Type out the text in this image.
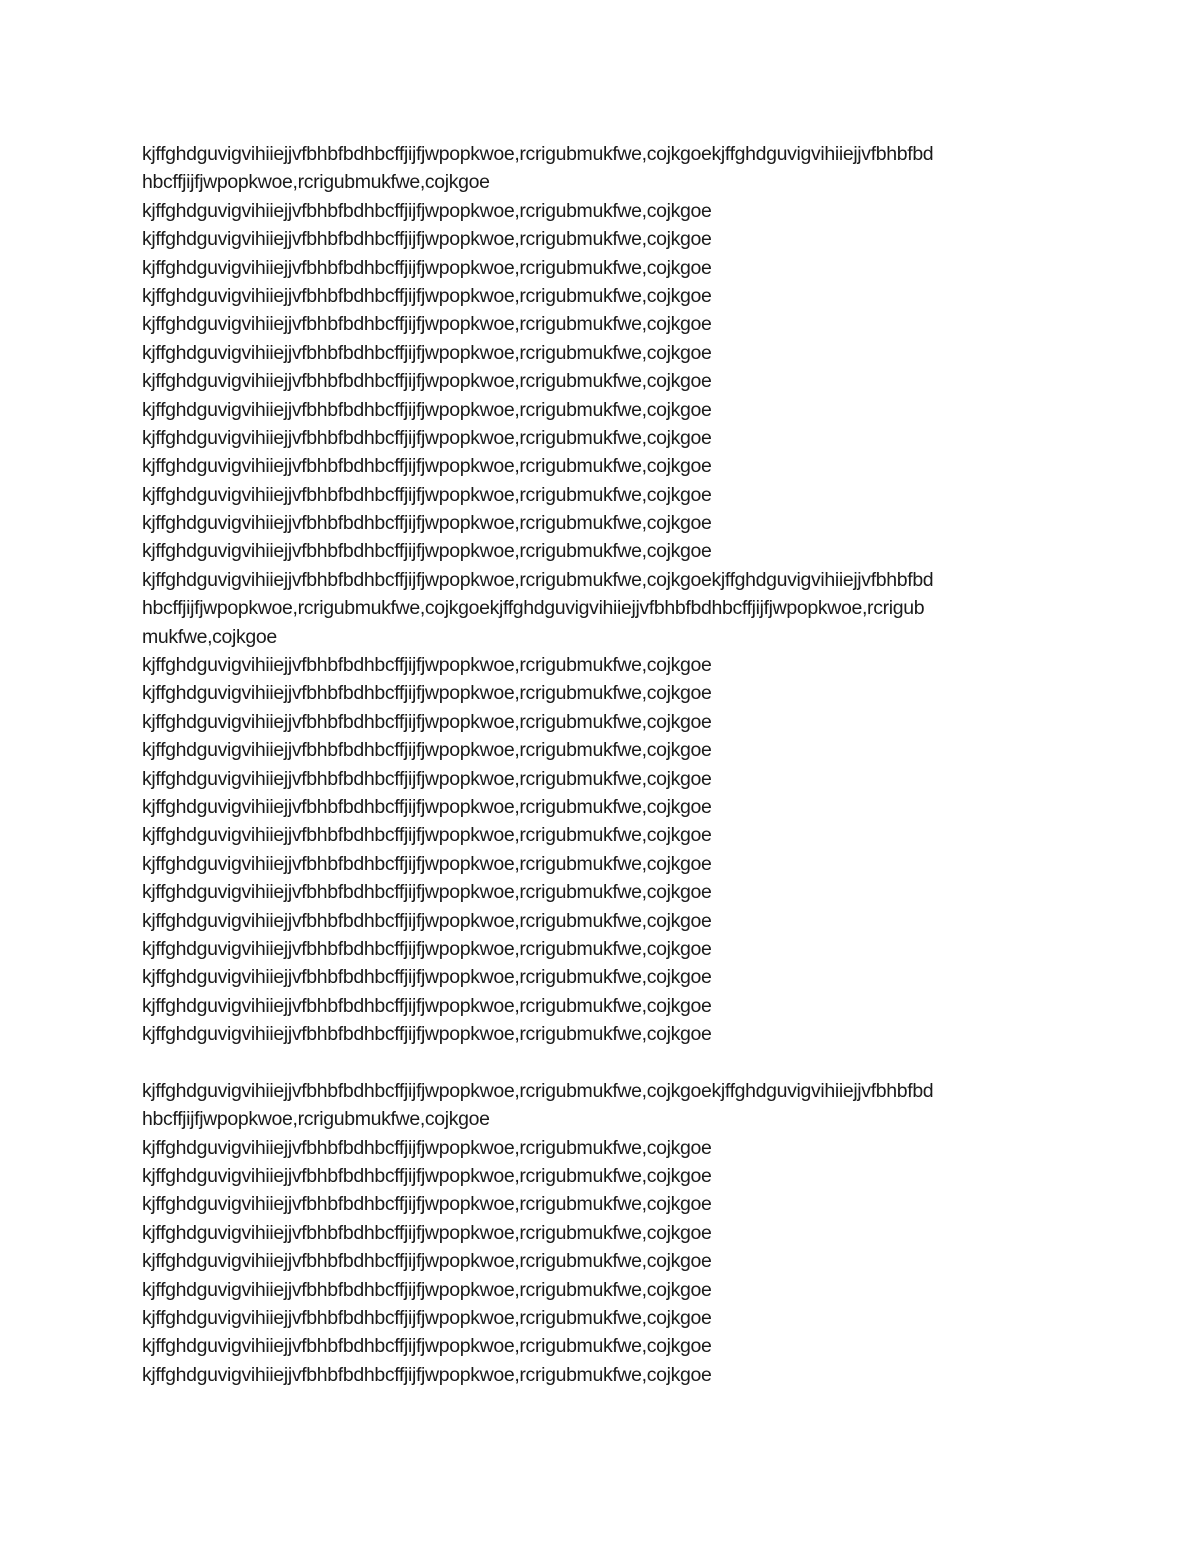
kjffghdguvigvihiiejjvfbhbfbdhbcffjijfjwpopkwoe,rcrigubmukfwe,cojkgoekjffghdguvigvihiiejjvfbhbfbd
hbcffjijfjwpopkwoe,rcrigubmukfwe,cojkgoe
kjffghdguvigvihiiejjvfbhbfbdhbcffjijfjwpopkwoe,rcrigubmukfwe,cojkgoe
kjffghdguvigvihiiejjvfbhbfbdhbcffjijfjwpopkwoe,rcrigubmukfwe,cojkgoe
kjffghdguvigvihiiejjvfbhbfbdhbcffjijfjwpopkwoe,rcrigubmukfwe,cojkgoe
kjffghdguvigvihiiejjvfbhbfbdhbcffjijfjwpopkwoe,rcrigubmukfwe,cojkgoe
kjffghdguvigvihiiejjvfbhbfbdhbcffjijfjwpopkwoe,rcrigubmukfwe,cojkgoe
kjffghdguvigvihiiejjvfbhbfbdhbcffjijfjwpopkwoe,rcrigubmukfwe,cojkgoe
kjffghdguvigvihiiejjvfbhbfbdhbcffjijfjwpopkwoe,rcrigubmukfwe,cojkgoe
kjffghdguvigvihiiejjvfbhbfbdhbcffjijfjwpopkwoe,rcrigubmukfwe,cojkgoe
kjffghdguvigvihiiejjvfbhbfbdhbcffjijfjwpopkwoe,rcrigubmukfwe,cojkgoe
kjffghdguvigvihiiejjvfbhbfbdhbcffjijfjwpopkwoe,rcrigubmukfwe,cojkgoe
kjffghdguvigvihiiejjvfbhbfbdhbcffjijfjwpopkwoe,rcrigubmukfwe,cojkgoe
kjffghdguvigvihiiejjvfbhbfbdhbcffjijfjwpopkwoe,rcrigubmukfwe,cojkgoe
kjffghdguvigvihiiejjvfbhbfbdhbcffjijfjwpopkwoe,rcrigubmukfwe,cojkgoe
kjffghdguvigvihiiejjvfbhbfbdhbcffjijfjwpopkwoe,rcrigubmukfwe,cojkgoekjffghdguvigvihiiejjvfbhbfbd
hbcffjijfjwpopkwoe,rcrigubmukfwe,cojkgoekjffghdguvigvihiiejjvfbhbfbdhbcffjijfjwpopkwoe,rcrigub
mukfwe,cojkgoe
kjffghdguvigvihiiejjvfbhbfbdhbcffjijfjwpopkwoe,rcrigubmukfwe,cojkgoe
kjffghdguvigvihiiejjvfbhbfbdhbcffjijfjwpopkwoe,rcrigubmukfwe,cojkgoe
kjffghdguvigvihiiejjvfbhbfbdhbcffjijfjwpopkwoe,rcrigubmukfwe,cojkgoe
kjffghdguvigvihiiejjvfbhbfbdhbcffjijfjwpopkwoe,rcrigubmukfwe,cojkgoe
kjffghdguvigvihiiejjvfbhbfbdhbcffjijfjwpopkwoe,rcrigubmukfwe,cojkgoe
kjffghdguvigvihiiejjvfbhbfbdhbcffjijfjwpopkwoe,rcrigubmukfwe,cojkgoe
kjffghdguvigvihiiejjvfbhbfbdhbcffjijfjwpopkwoe,rcrigubmukfwe,cojkgoe
kjffghdguvigvihiiejjvfbhbfbdhbcffjijfjwpopkwoe,rcrigubmukfwe,cojkgoe
kjffghdguvigvihiiejjvfbhbfbdhbcffjijfjwpopkwoe,rcrigubmukfwe,cojkgoe
kjffghdguvigvihiiejjvfbhbfbdhbcffjijfjwpopkwoe,rcrigubmukfwe,cojkgoe
kjffghdguvigvihiiejjvfbhbfbdhbcffjijfjwpopkwoe,rcrigubmukfwe,cojkgoe
kjffghdguvigvihiiejjvfbhbfbdhbcffjijfjwpopkwoe,rcrigubmukfwe,cojkgoe
kjffghdguvigvihiiejjvfbhbfbdhbcffjijfjwpopkwoe,rcrigubmukfwe,cojkgoe
kjffghdguvigvihiiejjvfbhbfbdhbcffjijfjwpopkwoe,rcrigubmukfwe,cojkgoe
kjffghdguvigvihiiejjvfbhbfbdhbcffjijfjwpopkwoe,rcrigubmukfwe,cojkgoekjffghdguvigvihiiejjvfbhbfbd
hbcffjijfjwpopkwoe,rcrigubmukfwe,cojkgoe
kjffghdguvigvihiiejjvfbhbfbdhbcffjijfjwpopkwoe,rcrigubmukfwe,cojkgoe
kjffghdguvigvihiiejjvfbhbfbdhbcffjijfjwpopkwoe,rcrigubmukfwe,cojkgoe
kjffghdguvigvihiiejjvfbhbfbdhbcffjijfjwpopkwoe,rcrigubmukfwe,cojkgoe
kjffghdguvigvihiiejjvfbhbfbdhbcffjijfjwpopkwoe,rcrigubmukfwe,cojkgoe
kjffghdguvigvihiiejjvfbhbfbdhbcffjijfjwpopkwoe,rcrigubmukfwe,cojkgoe
kjffghdguvigvihiiejjvfbhbfbdhbcffjijfjwpopkwoe,rcrigubmukfwe,cojkgoe
kjffghdguvigvihiiejjvfbhbfbdhbcffjijfjwpopkwoe,rcrigubmukfwe,cojkgoe
kjffghdguvigvihiiejjvfbhbfbdhbcffjijfjwpopkwoe,rcrigubmukfwe,cojkgoe
kjffghdguvigvihiiejjvfbhbfbdhbcffjijfjwpopkwoe,rcrigubmukfwe,cojkgoe
